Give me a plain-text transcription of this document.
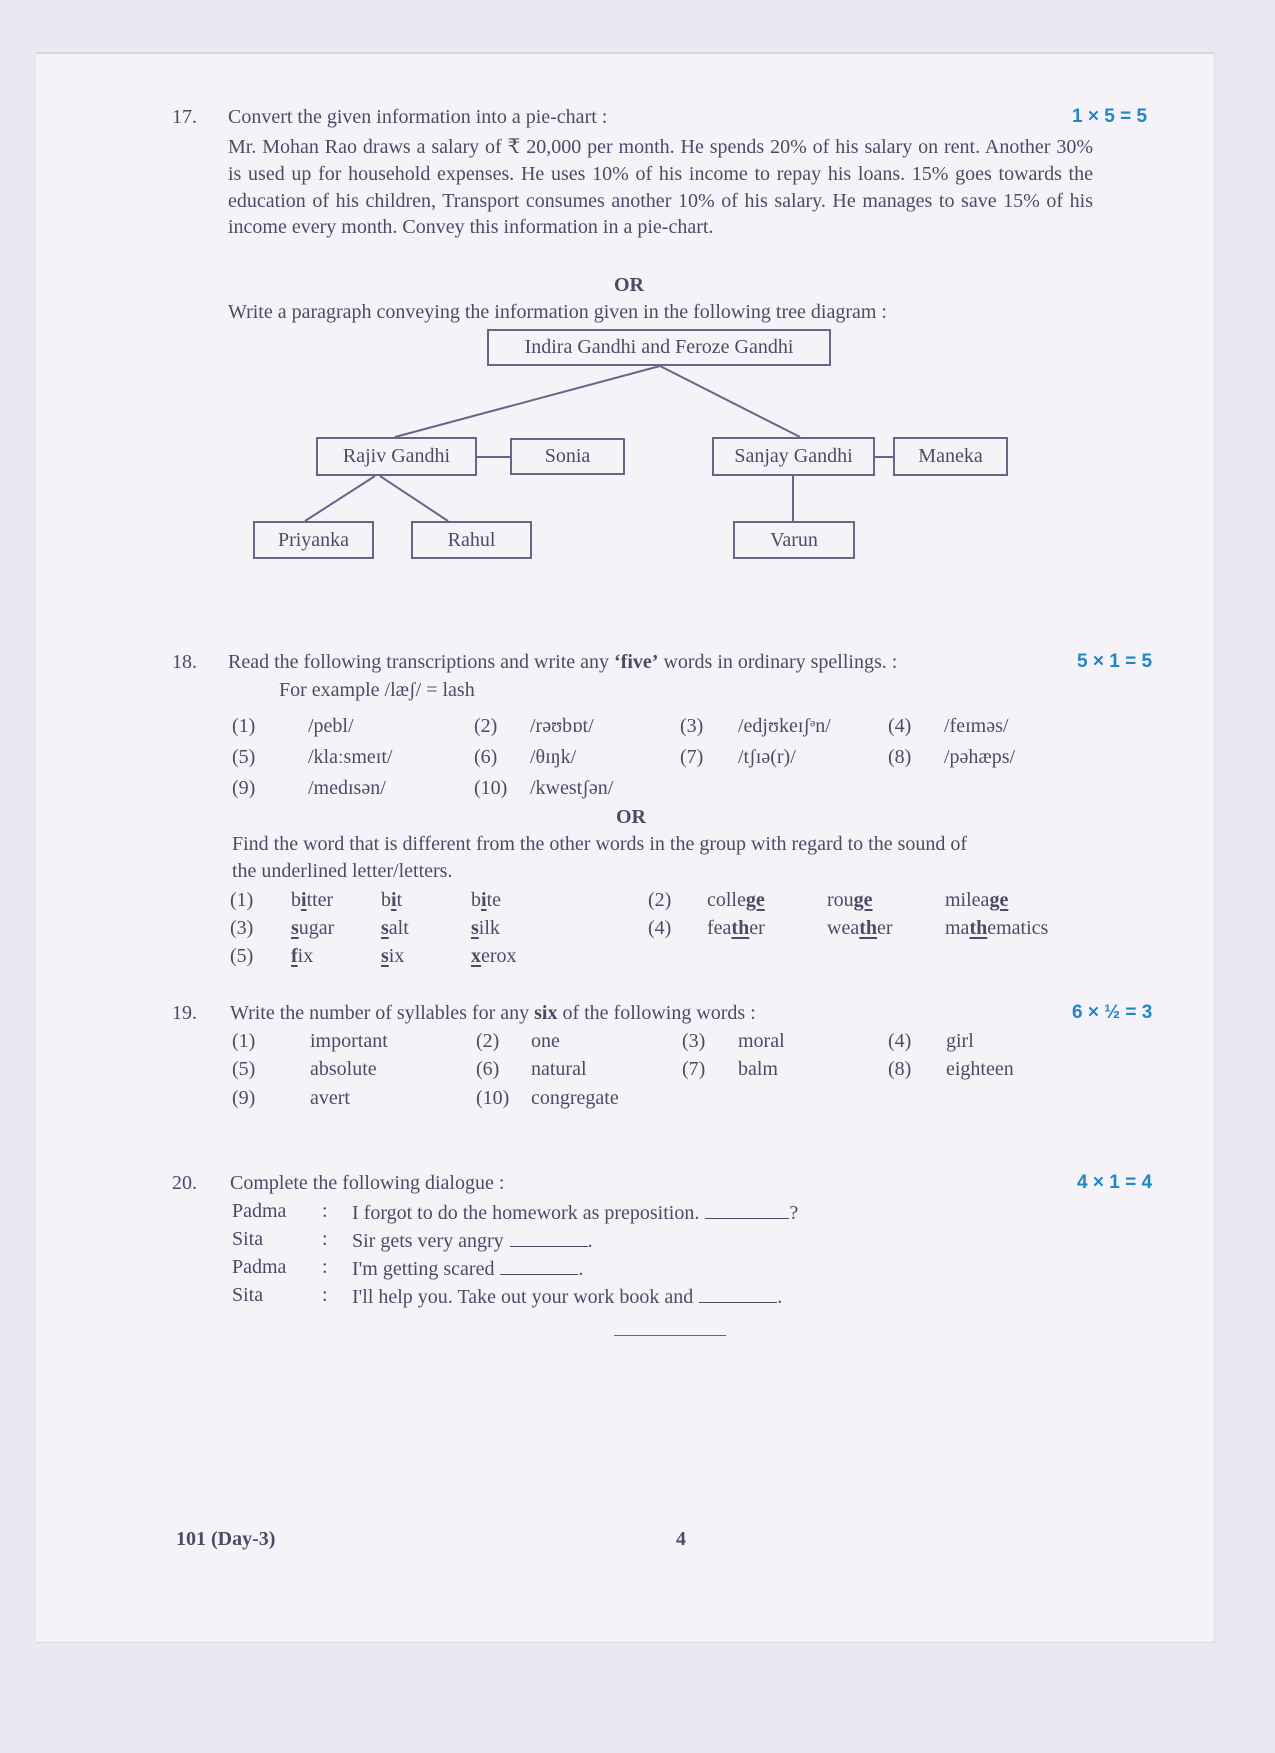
17. Convert the given information into a pie-chart :	1 × 5 = 5
Mr. Mohan Rao draws a salary of ₹ 20,000 per month. He spends 20% of his salary on rent. Another 30% is used up for household expenses. He uses 10% of his income to repay his loans. 15% goes towards the education of his children, Transport consumes another 10% of his salary. He manages to save 15% of his income every month. Convey this information in a pie-chart.
OR
Write a paragraph conveying the information given in the following tree diagram :
Indira Gandhi and Feroze Gandhi
Rajiv Gandhi	Sonia	Sanjay Gandhi	Maneka
Priyanka	Rahul	Varun
18. Read the following transcriptions and write any ‘five’ words in ordinary spellings. :	5 × 1 = 5
For example /læʃ/ = lash
(1)	/pebl/	(2) /rəʊbɒt/	(3) /edjʊkeɪʃᵊn/	(4) /feɪməs/
(5)	/klaːsmeɪt/	(6) /θɪŋk/	(7) /tʃɪə(r)/	(8) /pəhæps/
(9)	/medɪsən/	(10) /kwestʃən/
OR
Find the word that is different from the other words in the group with regard to the sound of
the underlined letter/letters.
(1) bitter bit	bite	(2) college	rouge	mileage
(3) sugar salt	silk	(4) feather	weather	mathematics
(5) fix	six	xerox
19. Write the number of syllables for any six of the following words :	6 × ½ = 3
(1)	important	(2) one	(3) moral	(4) girl
(5)	absolute	(6) natural	(7) balm	(8) eighteen
(9)	avert	(10) congregate
20. Complete the following dialogue :	4 × 1 = 4
Padma : I forgot to do the homework as preposition.	?
Sita	: Sir gets very angry	.
Padma : I'm getting scared	.
Sita	: I'll help you. Take out your work book and	.
101 (Day-3)	4
